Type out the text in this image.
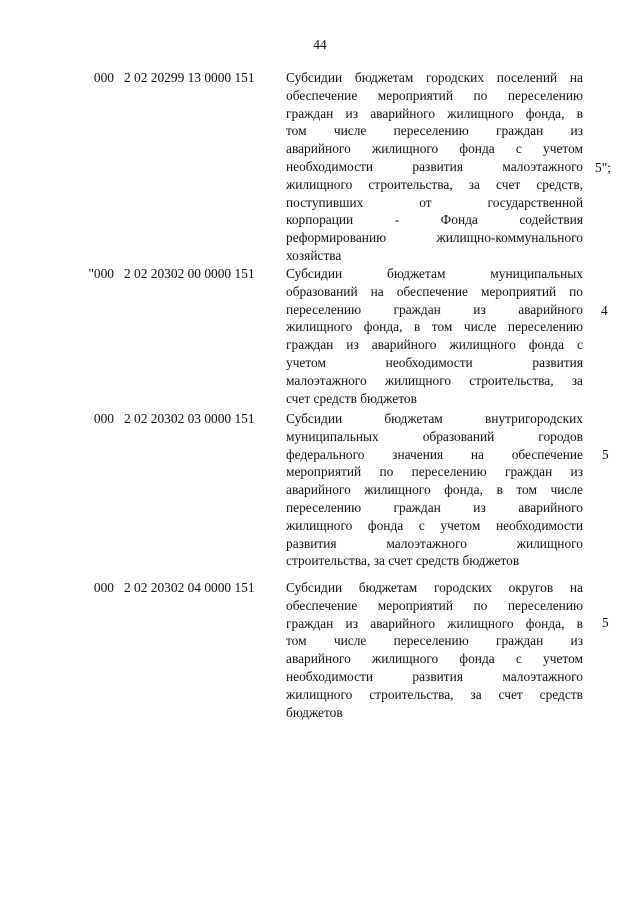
44
000 2 02 20299 13 0000 151 Субсидии бюджетам городских поселений на
обеспечение мероприятий по переселению
граждан из аварийного жилищного фонда, в
том числе переселению граждан из
аварийного жилищного фонда с учетом
необходимости развития малоэтажного
жилищного строительства, за счет средств,
поступивших от государственной
корпорации - Фонда содействия
реформированию жилищно-коммунального
хозяйства
5";
"000 2 02 20302 00 0000 151 Субсидии бюджетам муниципальных
образований на обеспечение мероприятий по
переселению граждан из аварийного
жилищного фонда, в том числе переселению
граждан из аварийного жилищного фонда с
учетом необходимости развития
малоэтажного жилищного строительства, за
счет средств бюджетов
4
000 2 02 20302 03 0000 151 Субсидии бюджетам внутригородских
муниципальных образований городов
федерального значения на обеспечение
мероприятий по переселению граждан из
аварийного жилищного фонда, в том числе
переселению граждан из аварийного
жилищного фонда с учетом необходимости
развития малоэтажного жилищного
строительства, за счет средств бюджетов
5
000 2 02 20302 04 0000 151 Субсидии бюджетам городских округов на
обеспечение мероприятий по переселению
граждан из аварийного жилищного фонда, в
том числе переселению граждан из
аварийного жилищного фонда с учетом
необходимости развития малоэтажного
жилищного строительства, за счет средств
бюджетов
5
